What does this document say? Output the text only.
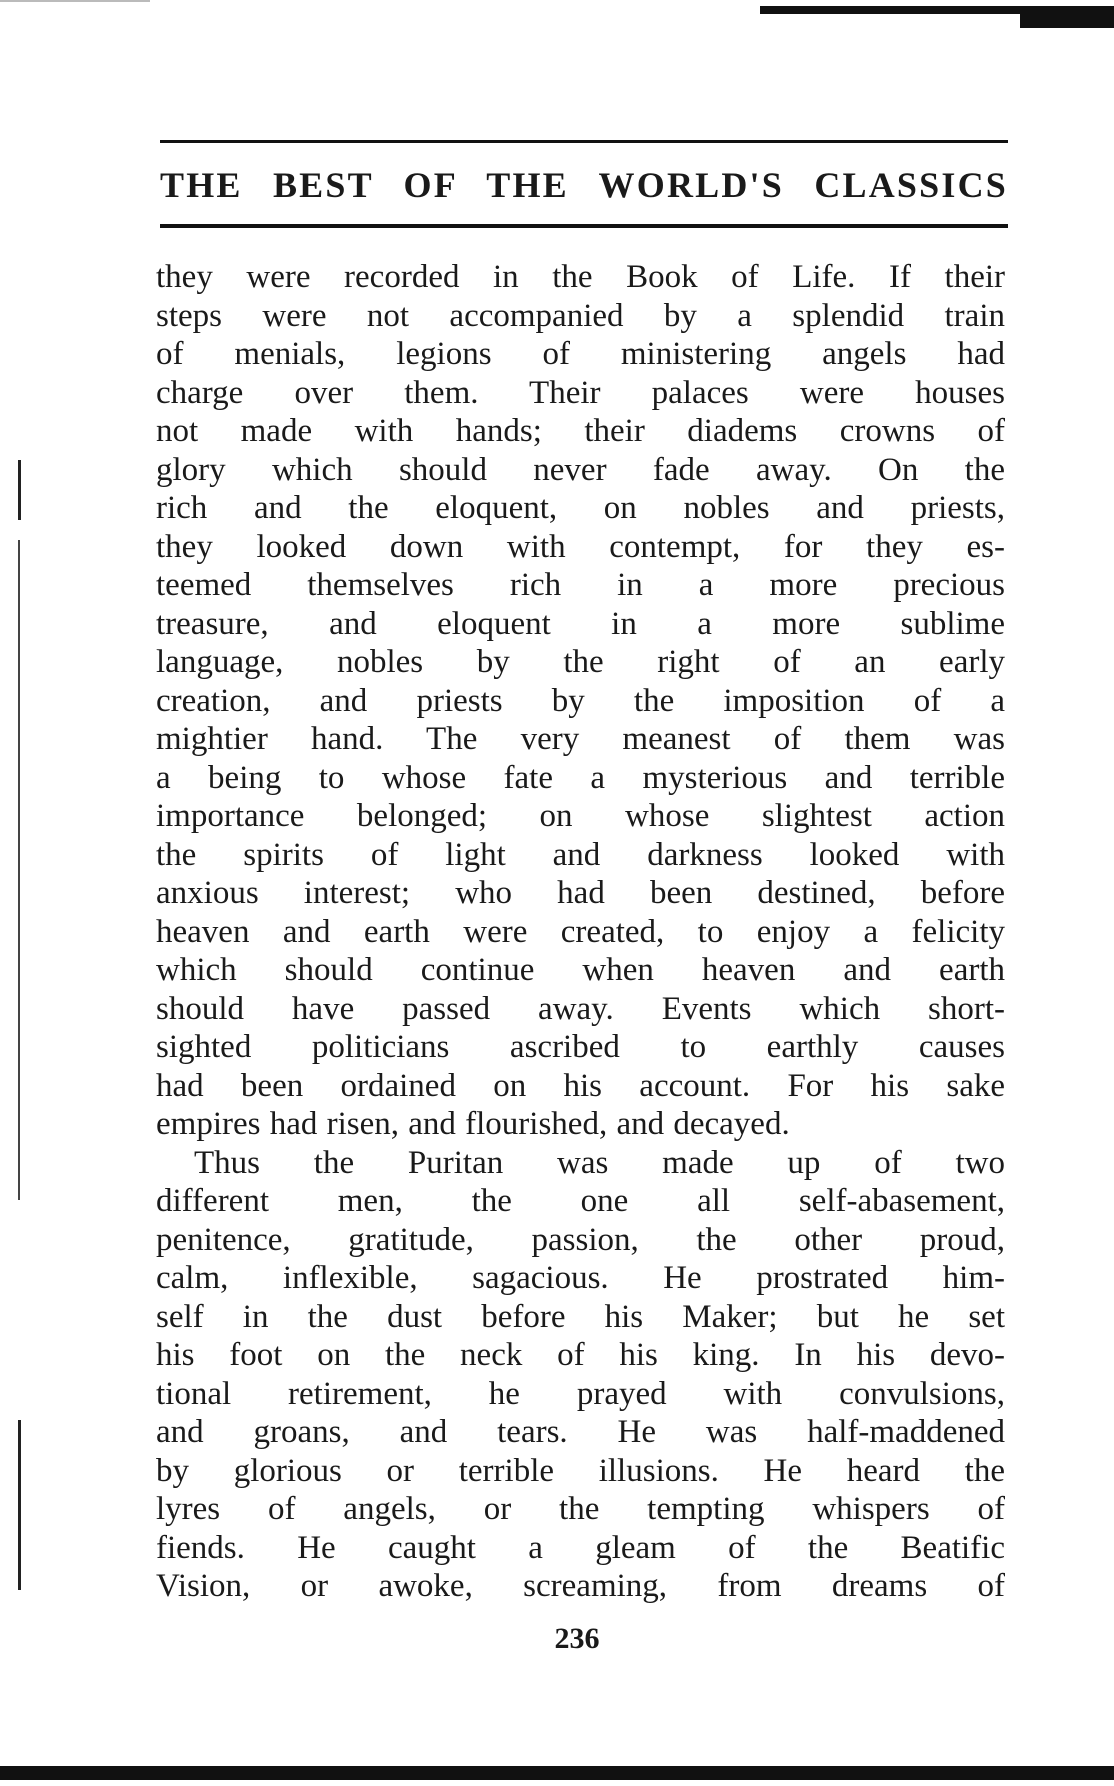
THE BEST OF THE WORLD'S CLASSICS
they were recorded in the Book of Life. If their
steps were not accompanied by a splendid train
of menials, legions of ministering angels had
charge over them. Their palaces were houses
not made with hands; their diadems crowns of
glory which should never fade away. On the
rich and the eloquent, on nobles and priests,
they looked down with contempt, for they es-
teemed themselves rich in a more precious
treasure, and eloquent in a more sublime
language, nobles by the right of an early
creation, and priests by the imposition of a
mightier hand. The very meanest of them was
a being to whose fate a mysterious and terrible
importance belonged; on whose slightest action
the spirits of light and darkness looked with
anxious interest; who had been destined, before
heaven and earth were created, to enjoy a felicity
which should continue when heaven and earth
should have passed away. Events which short-
sighted politicians ascribed to earthly causes
had been ordained on his account. For his sake
empires had risen, and flourished, and decayed.
Thus the Puritan was made up of two
different men, the one all self-abasement,
penitence, gratitude, passion, the other proud,
calm, inflexible, sagacious. He prostrated him-
self in the dust before his Maker; but he set
his foot on the neck of his king. In his devo-
tional retirement, he prayed with convulsions,
and groans, and tears. He was half-maddened
by glorious or terrible illusions. He heard the
lyres of angels, or the tempting whispers of
fiends. He caught a gleam of the Beatific
Vision, or awoke, screaming, from dreams of
236
